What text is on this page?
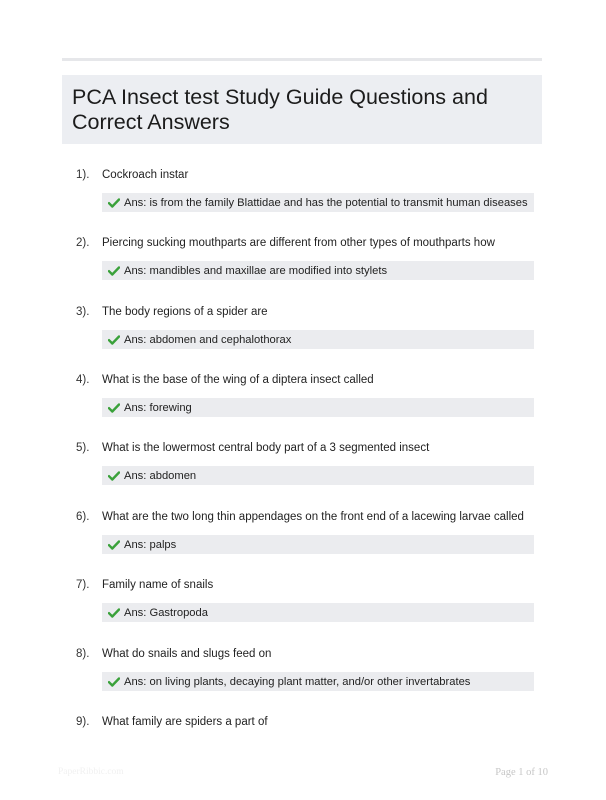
PCA Insect test Study Guide Questions and Correct Answers
1). Cockroach instar
Ans: is from the family Blattidae and has the potential to transmit human diseases
2). Piercing sucking mouthparts are different from other types of mouthparts how
Ans: mandibles and maxillae are modified into stylets
3). The body regions of a spider are
Ans: abdomen and cephalothorax
4). What is the base of the wing of a diptera insect called
Ans: forewing
5). What is the lowermost central body part of a 3 segmented insect
Ans: abdomen
6). What are the two long thin appendages on the front end of a lacewing larvae called
Ans: palps
7). Family name of snails
Ans: Gastropoda
8). What do snails and slugs feed on
Ans: on living plants, decaying plant matter, and/or other invertabrates
9). What family are spiders a part of
PaperRibbic.com	Page 1 of 10
